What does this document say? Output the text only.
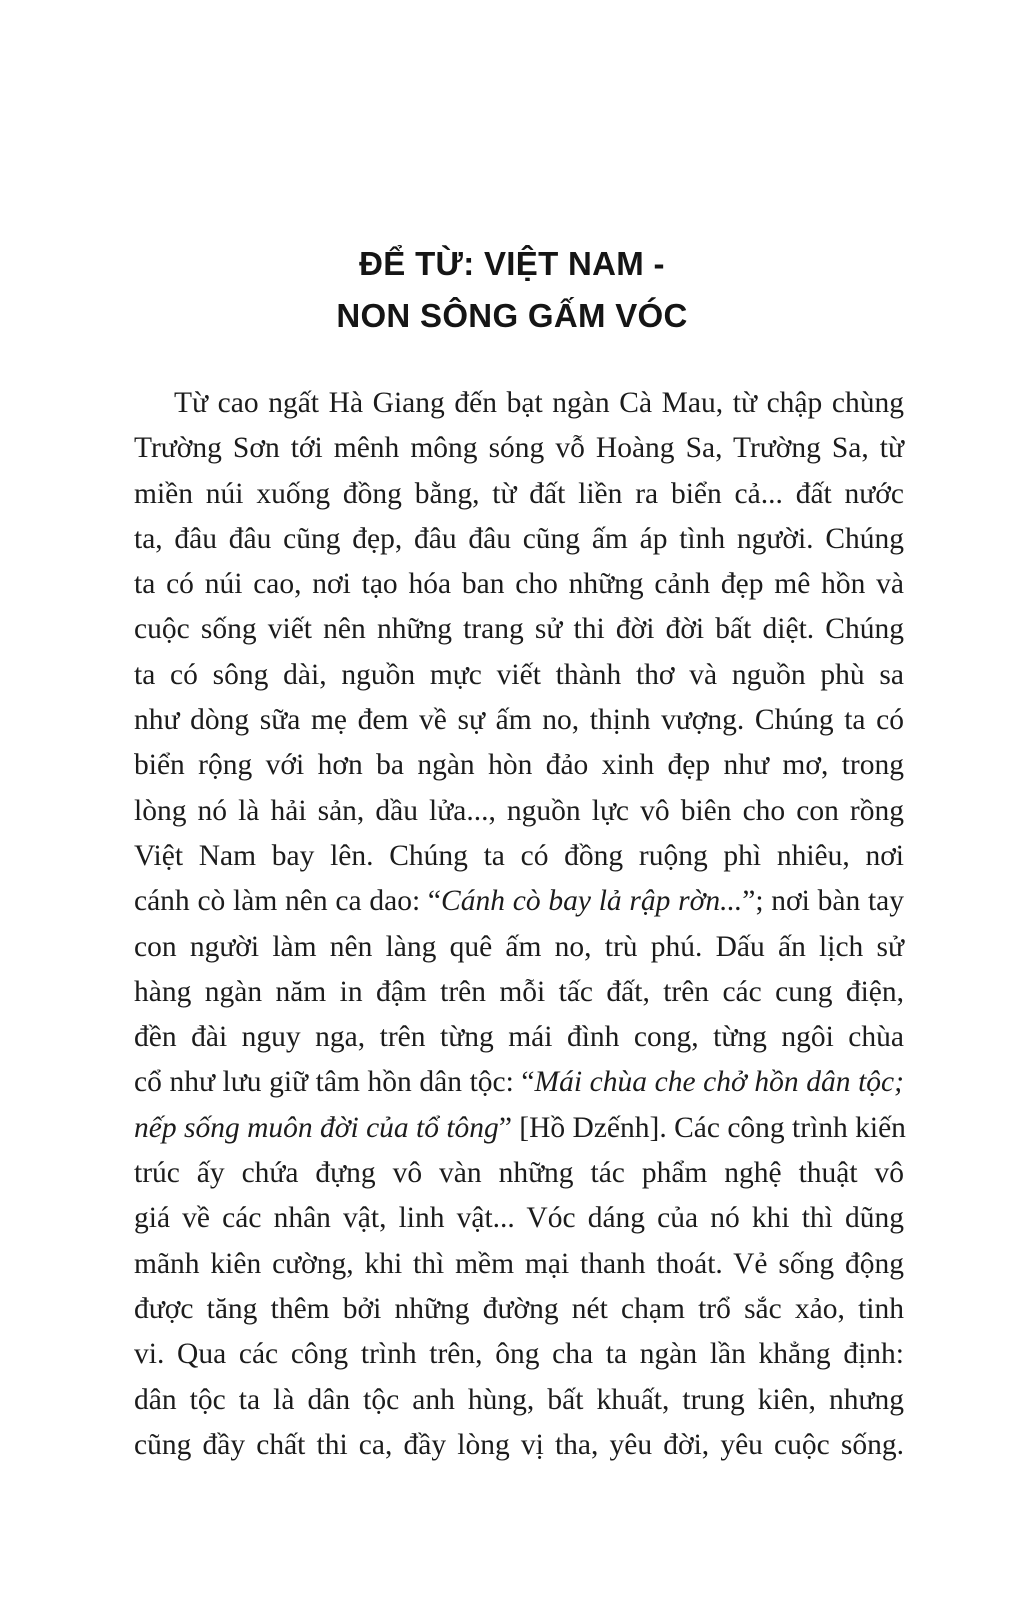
ĐỂ TỪ: VIỆT NAM -
NON SÔNG GẤM VÓC
Từ cao ngất Hà Giang đến bạt ngàn Cà Mau, từ chập chùng
Trường Sơn tới mênh mông sóng vỗ Hoàng Sa, Trường Sa, từ
miền núi xuống đồng bằng, từ đất liền ra biển cả... đất nước
ta, đâu đâu cũng đẹp, đâu đâu cũng ấm áp tình người. Chúng
ta có núi cao, nơi tạo hóa ban cho những cảnh đẹp mê hồn và
cuộc sống viết nên những trang sử thi đời đời bất diệt. Chúng
ta có sông dài, nguồn mực viết thành thơ và nguồn phù sa
như dòng sữa mẹ đem về sự ấm no, thịnh vượng. Chúng ta có
biển rộng với hơn ba ngàn hòn đảo xinh đẹp như mơ, trong
lòng nó là hải sản, dầu lửa..., nguồn lực vô biên cho con rồng
Việt Nam bay lên. Chúng ta có đồng ruộng phì nhiêu, nơi
cánh cò làm nên ca dao: “Cánh cò bay lả rập rờn...”; nơi bàn tay
con người làm nên làng quê ấm no, trù phú. Dấu ấn lịch sử
hàng ngàn năm in đậm trên mỗi tấc đất, trên các cung điện,
đền đài nguy nga, trên từng mái đình cong, từng ngôi chùa
cổ như lưu giữ tâm hồn dân tộc: “Mái chùa che chở hồn dân tộc;
nếp sống muôn đời của tổ tông” [Hồ Dzếnh]. Các công trình kiến
trúc ấy chứa đựng vô vàn những tác phẩm nghệ thuật vô
giá về các nhân vật, linh vật... Vóc dáng của nó khi thì dũng
mãnh kiên cường, khi thì mềm mại thanh thoát. Vẻ sống động
được tăng thêm bởi những đường nét chạm trổ sắc xảo, tinh
vi. Qua các công trình trên, ông cha ta ngàn lần khẳng định:
dân tộc ta là dân tộc anh hùng, bất khuất, trung kiên, nhưng
cũng đầy chất thi ca, đầy lòng vị tha, yêu đời, yêu cuộc sống.
